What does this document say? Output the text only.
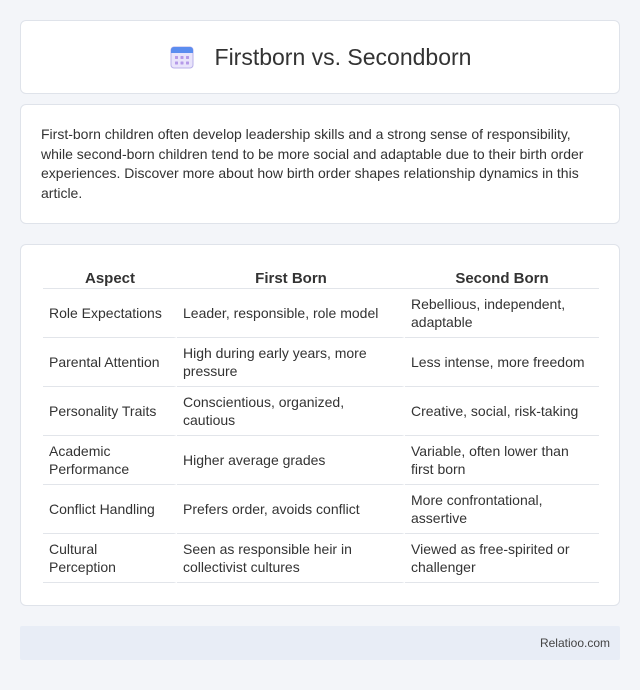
Firstborn vs. Secondborn

First-born children often develop leadership skills and a strong sense of responsibility, while second-born children tend to be more social and adaptable due to their birth order experiences. Discover more about how birth order shapes relationship dynamics in this article.

Aspect	First Born	Second Born
Role Expectations	Leader, responsible, role model	Rebellious, independent, adaptable
Parental Attention	High during early years, more pressure	Less intense, more freedom
Personality Traits	Conscientious, organized, cautious	Creative, social, risk-taking
Academic Performance	Higher average grades	Variable, often lower than first born
Conflict Handling	Prefers order, avoids conflict	More confrontational, assertive
Cultural Perception	Seen as responsible heir in collectivist cultures	Viewed as free-spirited or challenger
Relatioo.com
